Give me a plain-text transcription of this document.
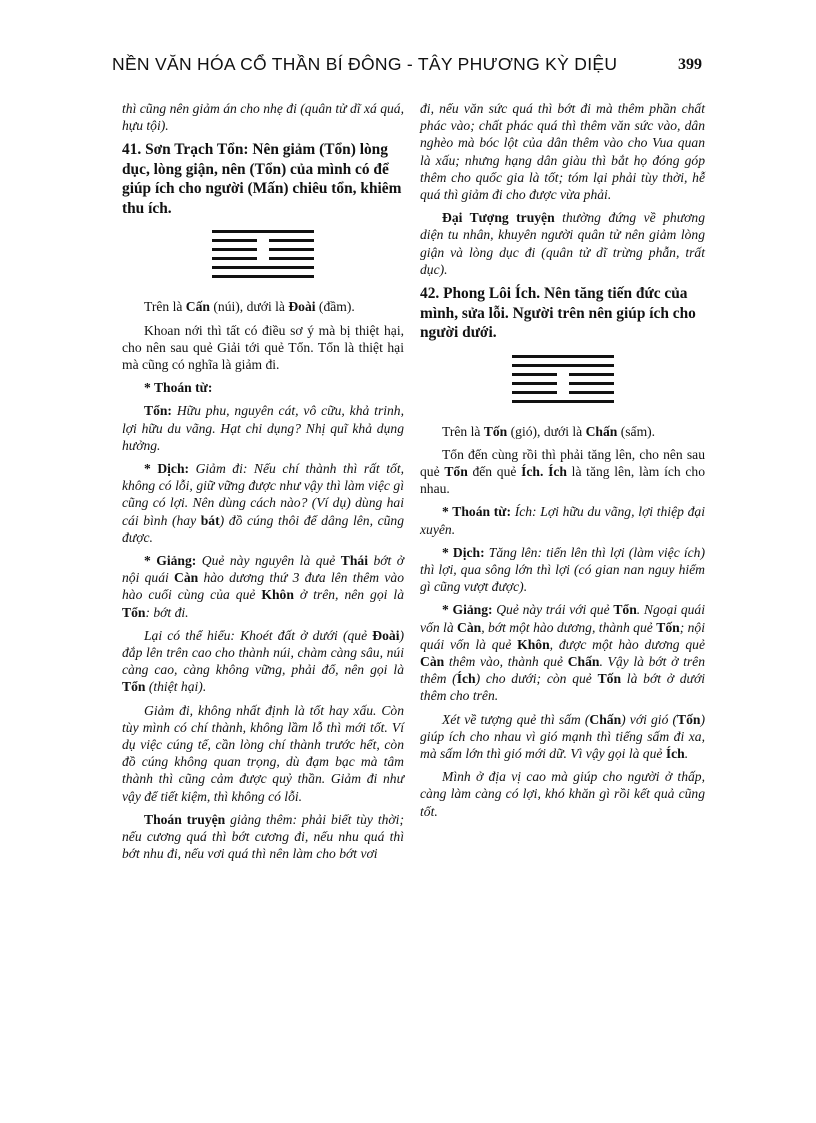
NỀN VĂN HÓA CỔ THẦN BÍ ĐÔNG - TÂY PHƯƠNG KỲ DIỆU	399

thì cũng nên giảm án cho nhẹ đi (quân tử dĩ xá quá, hựu tội).

41. Sơn Trạch Tổn: Nên giảm (Tổn) lòng dục, lòng giận, nên (Tổn) của mình có để giúp ích cho người (Mấn) chiêu tổn, khiêm thu ích.

Trên là Cấn (núi), dưới là Đoài (đầm).

Khoan nới thì tất có điều sơ ý mà bị thiệt hại, cho nên sau quẻ Giải tới quẻ Tổn. Tổn là thiệt hại mà cũng có nghĩa là giảm đi.

* Thoán từ:

Tổn: Hữu phu, nguyên cát, vô cữu, khả trinh, lợi hữu du vãng. Hạt chi dụng? Nhị quĩ khả dụng hưởng.

* Dịch: Giảm đi: Nếu chí thành thì rất tốt, không có lỗi, giữ vững được như vậy thì làm việc gì cũng có lợi. Nên dùng cách nào? (Ví dụ) dùng hai cái bình (hay bát) đồ cúng thôi để dâng lên, cũng được.

* Giảng: Quẻ này nguyên là quẻ Thái bớt ở nội quái Càn hào dương thứ 3 đưa lên thêm vào hào cuối cùng của quẻ Khôn ở trên, nên gọi là Tổn: bớt đi.

Lại có thể hiểu: Khoét đất ở dưới (quẻ Đoài) đắp lên trên cao cho thành núi, chàm càng sâu, núi càng cao, càng không vững, phải đổ, nên gọi là Tổn (thiệt hại).

Giảm đi, không nhất định là tốt hay xấu. Còn tùy mình có chí thành, không lầm lỗ thì mới tốt. Ví dụ việc cúng tế, cần lòng chí thành trước hết, còn đồ cúng không quan trọng, dù đạm bạc mà tâm thành thì cũng cảm được quỷ thần. Giảm đi như vậy để tiết kiệm, thì không có lỗi.

Thoán truyện giảng thêm: phải biết tùy thời; nếu cương quá thì bớt cương đi, nếu nhu quá thì bớt nhu đi, nếu vơi quá thì nên làm cho bớt vơi

đi, nếu văn sức quá thì bớt đi mà thêm phần chất phác vào; chất phác quá thì thêm văn sức vào, dân nghèo mà bóc lột của dân thêm vào cho Vua quan là xấu; nhưng hạng dân giàu thì bắt họ đóng góp thêm cho quốc gia là tốt; tóm lại phải tùy thời, hễ quá thì giảm đi cho được vừa phải.

Đại Tượng truyện thường đứng về phương diện tu nhân, khuyên người quân tử nên giảm lòng giận và lòng dục đi (quân tử dĩ trừng phẫn, trất dục).

42. Phong Lôi Ích. Nên tăng tiến đức của mình, sửa lỗi. Người trên nên giúp ích cho người dưới.

Trên là Tốn (gió), dưới là Chấn (sấm).

Tổn đến cùng rồi thì phải tăng lên, cho nên sau quẻ Tổn đến quẻ Ích. Ích là tăng lên, làm ích cho nhau.

* Thoán từ: Ích: Lợi hữu du vãng, lợi thiệp đại xuyên.

* Dịch: Tăng lên: tiến lên thì lợi (làm việc ích) thì lợi, qua sông lớn thì lợi (có gian nan nguy hiểm gì cũng vượt được).

* Giảng: Quẻ này trái với quẻ Tổn. Ngoại quái vốn là Càn, bớt một hào dương, thành quẻ Tốn; nội quái vốn là quẻ Khôn, được một hào dương quẻ Càn thêm vào, thành quẻ Chấn. Vậy là bớt ở trên thêm (Ích) cho dưới; còn quẻ Tốn là bớt ở dưới thêm cho trên.

Xét về tượng quẻ thì sấm (Chấn) với gió (Tốn) giúp ích cho nhau vì gió mạnh thì tiếng sấm đi xa, mà sấm lớn thì gió mới dữ. Vì vậy gọi là quẻ Ích.

Mình ở địa vị cao mà giúp cho người ở thấp, càng làm càng có lợi, khó khăn gì rồi kết quả cũng tốt.
